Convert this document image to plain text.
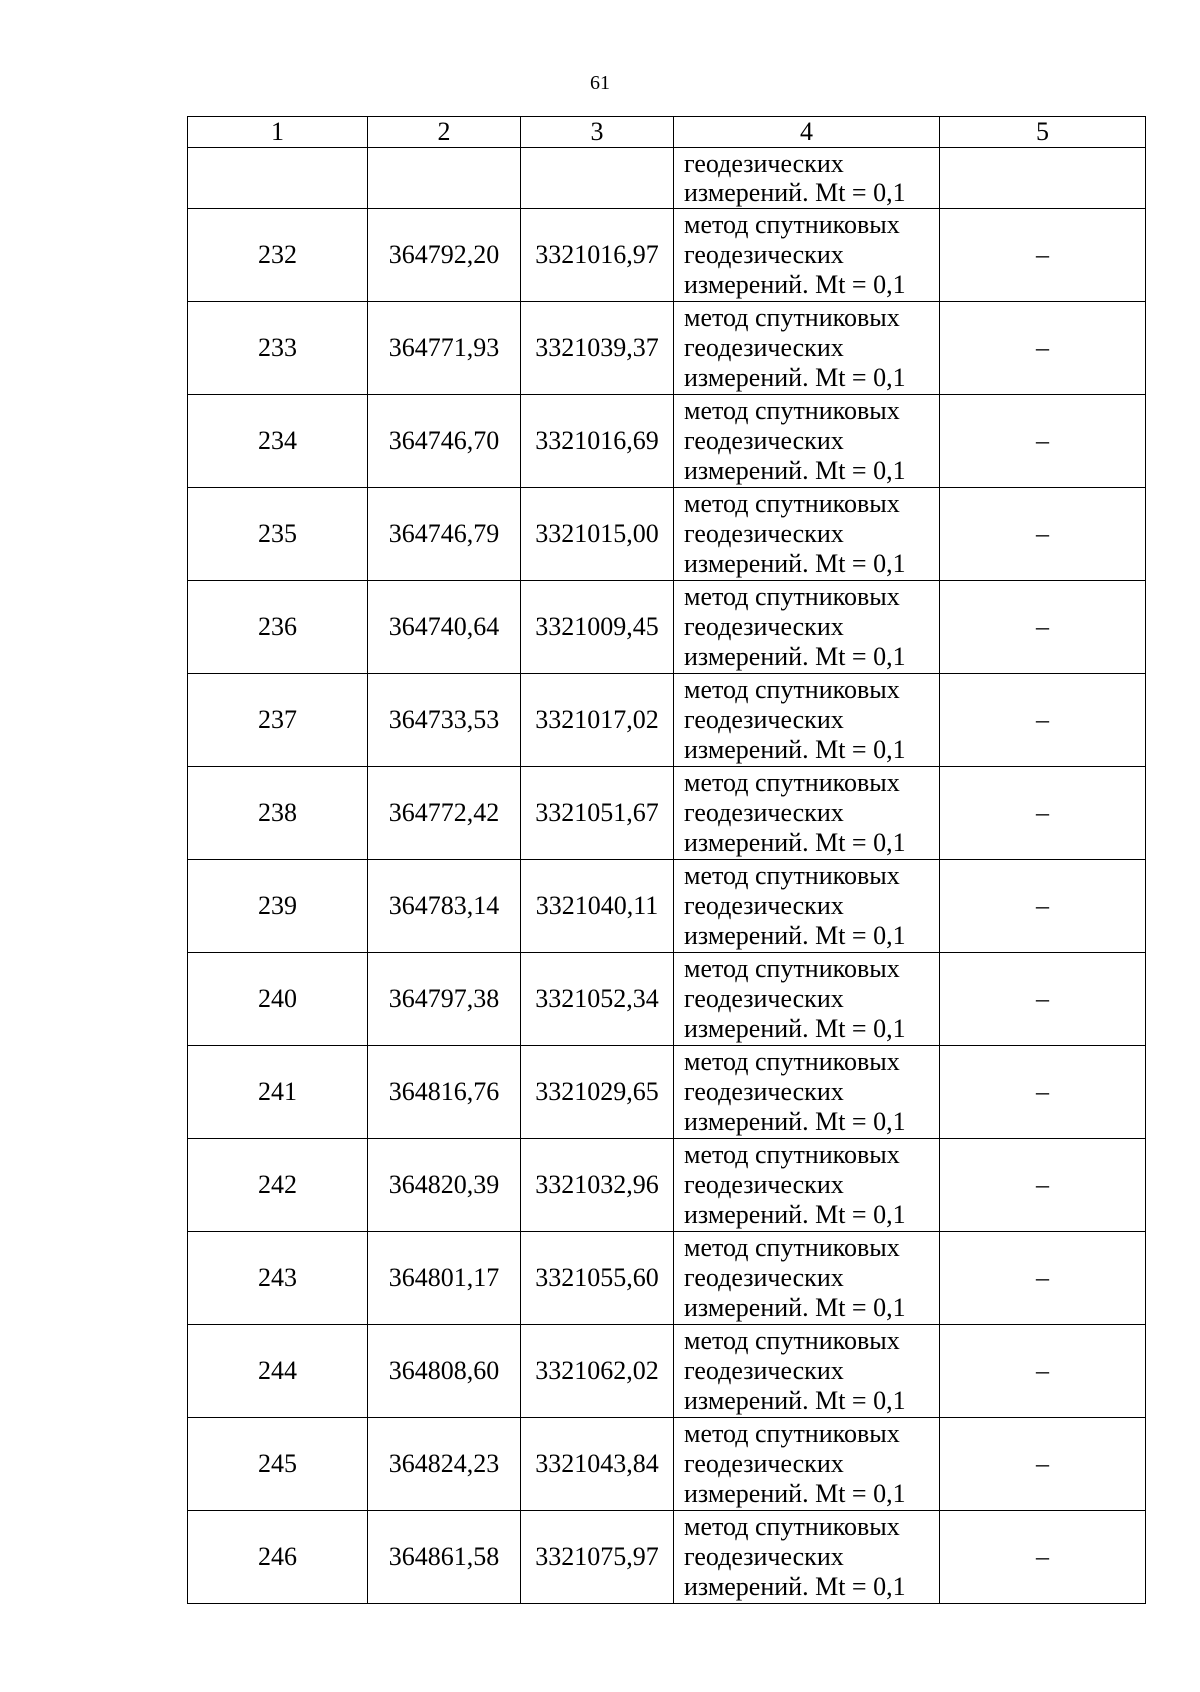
61
1	2	3	4	5

			геодезических
измерений. Mt = 0,1	

232	364792,20	3321016,97	метод спутниковых
геодезических
измерений. Mt = 0,1	–
233	364771,93	3321039,37	метод спутниковых
геодезических
измерений. Mt = 0,1	–
234	364746,70	3321016,69	метод спутниковых
геодезических
измерений. Mt = 0,1	–
235	364746,79	3321015,00	метод спутниковых
геодезических
измерений. Mt = 0,1	–
236	364740,64	3321009,45	метод спутниковых
геодезических
измерений. Mt = 0,1	–
237	364733,53	3321017,02	метод спутниковых
геодезических
измерений. Mt = 0,1	–
238	364772,42	3321051,67	метод спутниковых
геодезических
измерений. Mt = 0,1	–
239	364783,14	3321040,11	метод спутниковых
геодезических
измерений. Mt = 0,1	–
240	364797,38	3321052,34	метод спутниковых
геодезических
измерений. Mt = 0,1	–
241	364816,76	3321029,65	метод спутниковых
геодезических
измерений. Mt = 0,1	–
242	364820,39	3321032,96	метод спутниковых
геодезических
измерений. Mt = 0,1	–
243	364801,17	3321055,60	метод спутниковых
геодезических
измерений. Mt = 0,1	–
244	364808,60	3321062,02	метод спутниковых
геодезических
измерений. Mt = 0,1	–
245	364824,23	3321043,84	метод спутниковых
геодезических
измерений. Mt = 0,1	–
246	364861,58	3321075,97	метод спутниковых
геодезических
измерений. Mt = 0,1	–
